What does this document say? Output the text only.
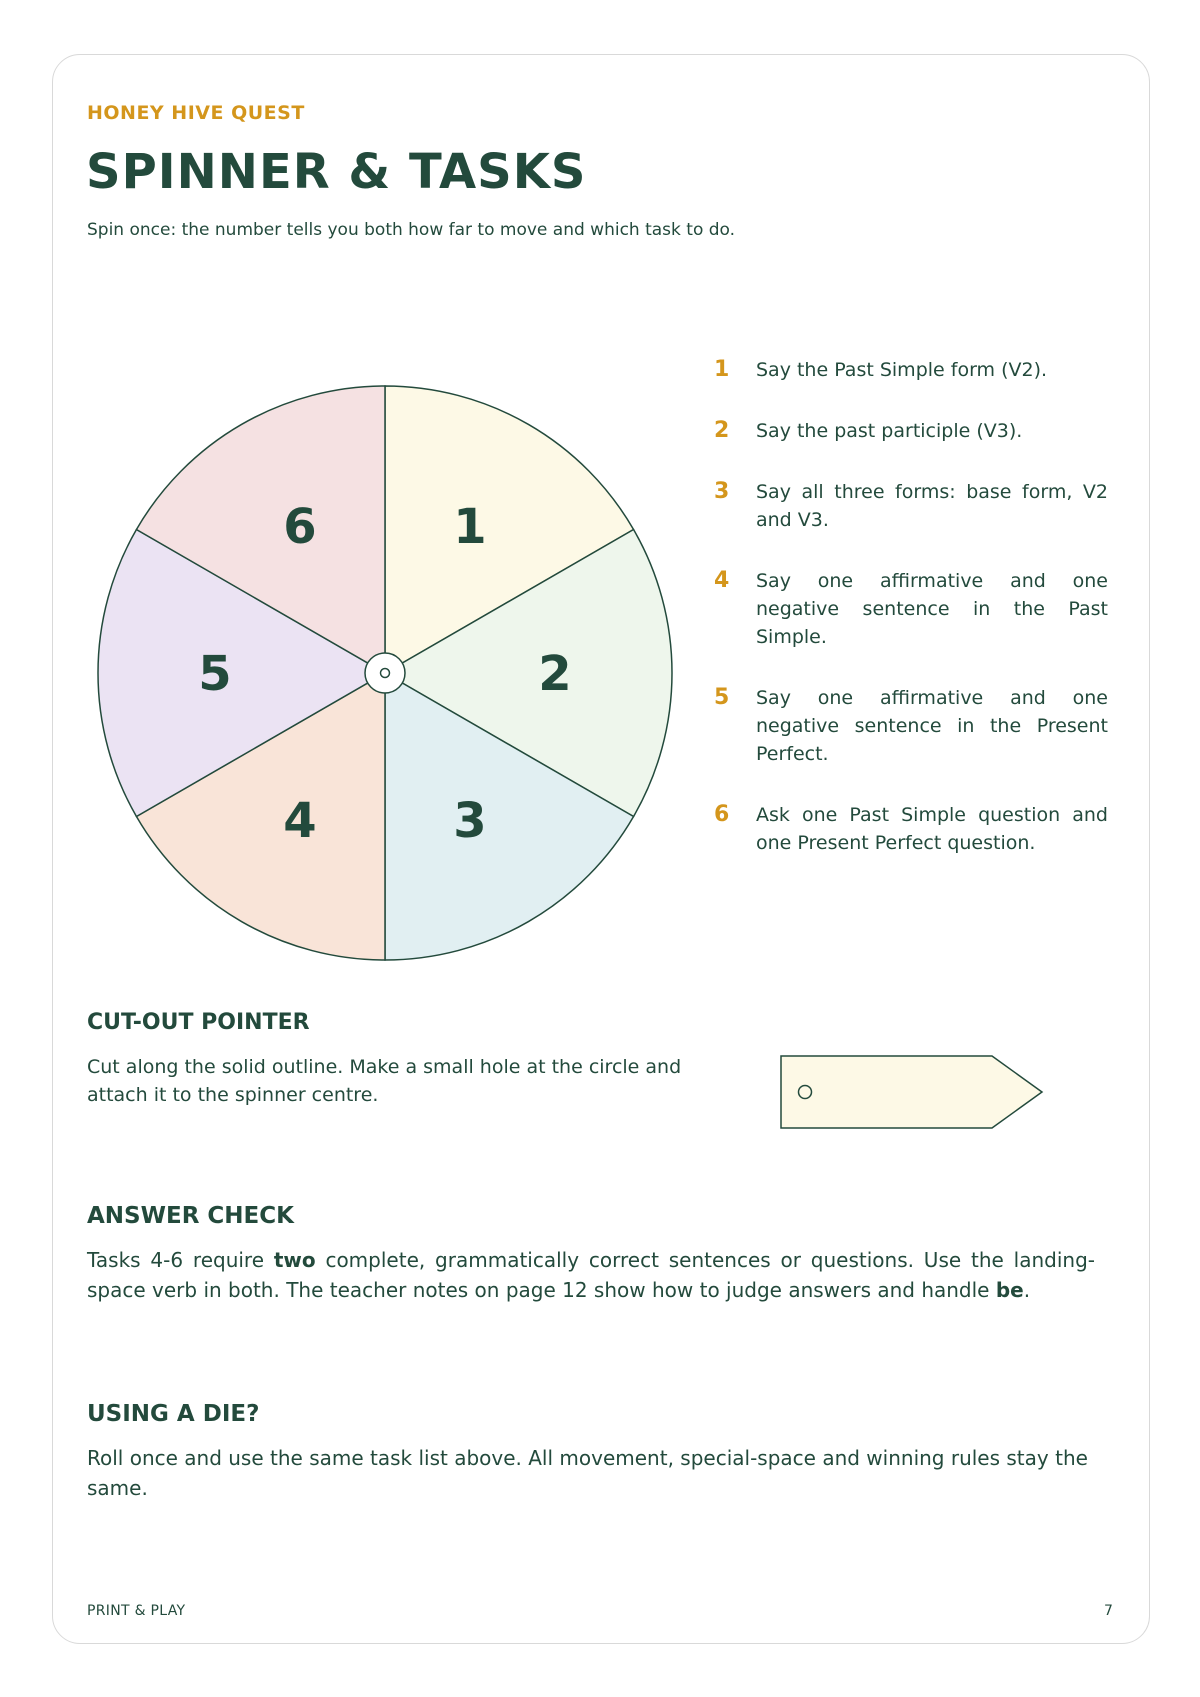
HONEY HIVE QUEST
SPINNER & TASKS
Spin once: the number tells you both how far to move and which task to do.
1
2
3
4
5
6
1	Say the Past Simple form (V2).
2	Say the past participle (V3).
3	Say all three forms: base form, V2 and V3.
4	Say one affirmative and one negative sentence in the Past Simple.
5	Say one affirmative and one negative sentence in the Present Perfect.
6	Ask one Past Simple question and one Present Perfect question.
CUT-OUT POINTER
Cut along the solid outline. Make a small hole at the circle and attach it to the spinner centre.
ANSWER CHECK
Tasks 4-6 require two complete, grammatically correct sentences or questions. Use the landing-space verb in both. The teacher notes on page 12 show how to judge answers and handle be.
USING A DIE?
Roll once and use the same task list above. All movement, special-space and winning rules stay the same.
PRINT & PLAY	7
